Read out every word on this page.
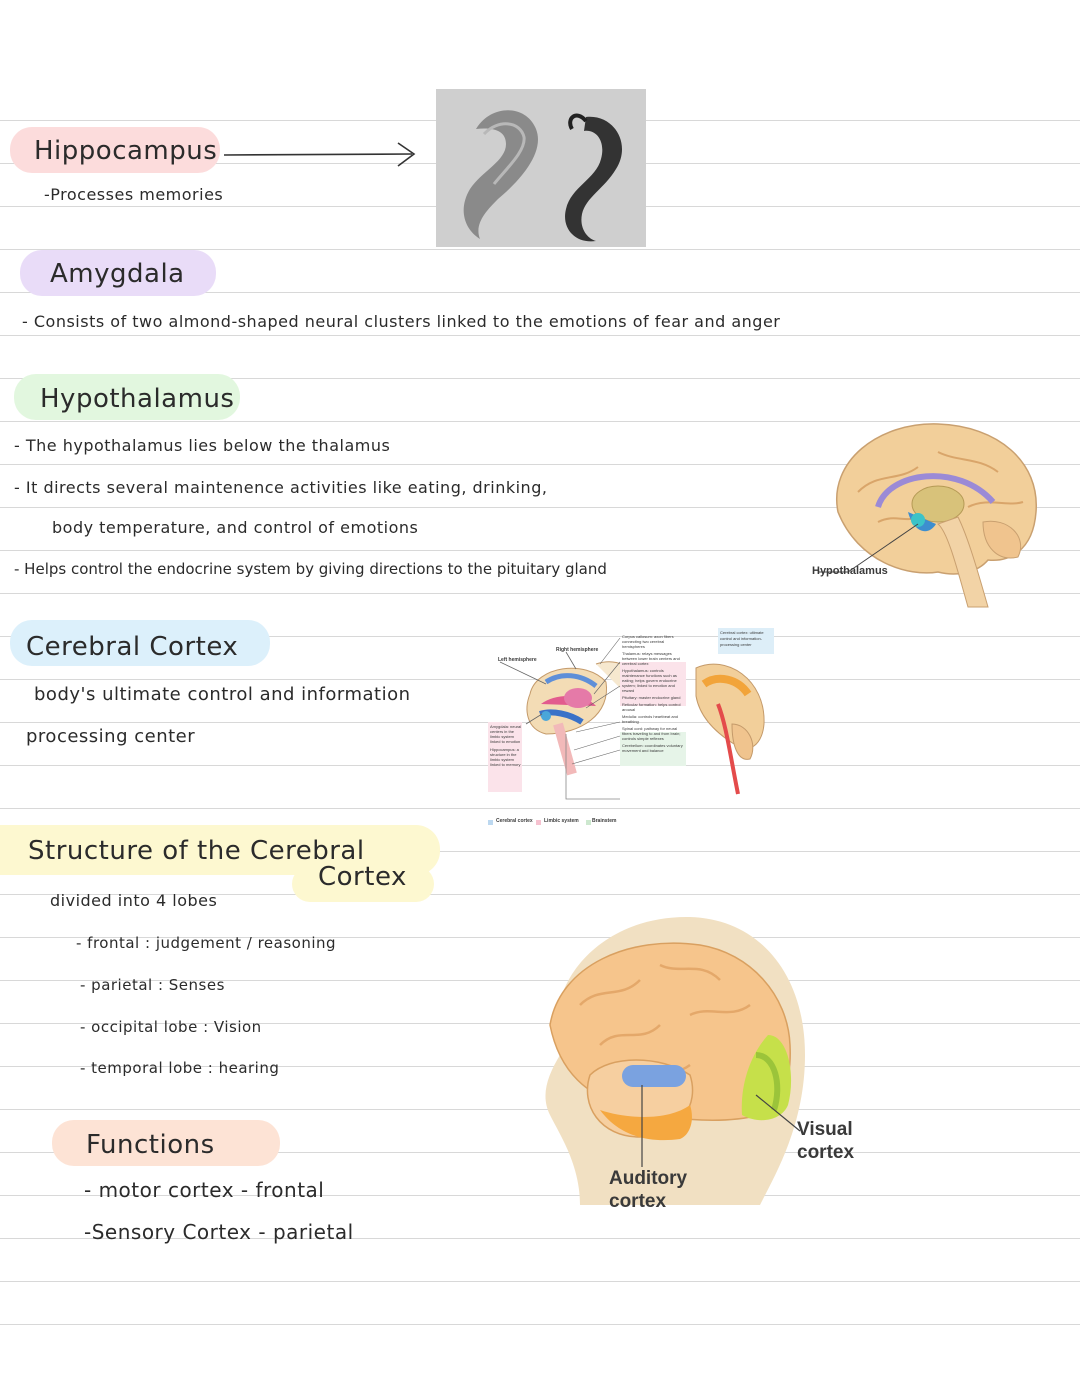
Hippocampus
-Processes memories
Amygdala
- Consists of two almond-shaped neural clusters linked to the emotions of fear and anger
Hypothalamus
- The hypothalamus lies below the thalamus
- It directs several maintenence activities like eating, drinking,
body temperature, and control of emotions
- Helps control the endocrine system by giving directions to the pituitary gland	Hypothalamus
Cerebral Cortex
body's ultimate control and information
processing center
Left hemisphere
Right hemisphere
Cerebral cortex: ultimate control and information-processing center
Amygdala: neural centers in the limbic system linked to emotion
Hippocampus: a structure in the limbic system linked to memory
Corpus callosum: axon fibers connecting two cerebral hemispheres
Thalamus: relays messages between lower brain centers and cerebral cortex
Hypothalamus: controls maintenance functions such as eating; helps govern endocrine system; linked to emotion and reward
Pituitary: master endocrine gland
Reticular formation: helps control arousal
Medulla: controls heartbeat and breathing
Spinal cord: pathway for neural fibers traveling to and from brain; controls simple reflexes
Cerebellum: coordinates voluntary movement and balance
Cerebral cortex Limbic system	Brainstem
Structure of the Cerebral
Cortex
divided into 4 lobes
- frontal : judgement / reasoning
- parietal : Senses
- occipital lobe : Vision
- temporal lobe : hearing
Visual
cortex
Auditory
cortex
Functions
- motor cortex - frontal
-Sensory Cortex - parietal
